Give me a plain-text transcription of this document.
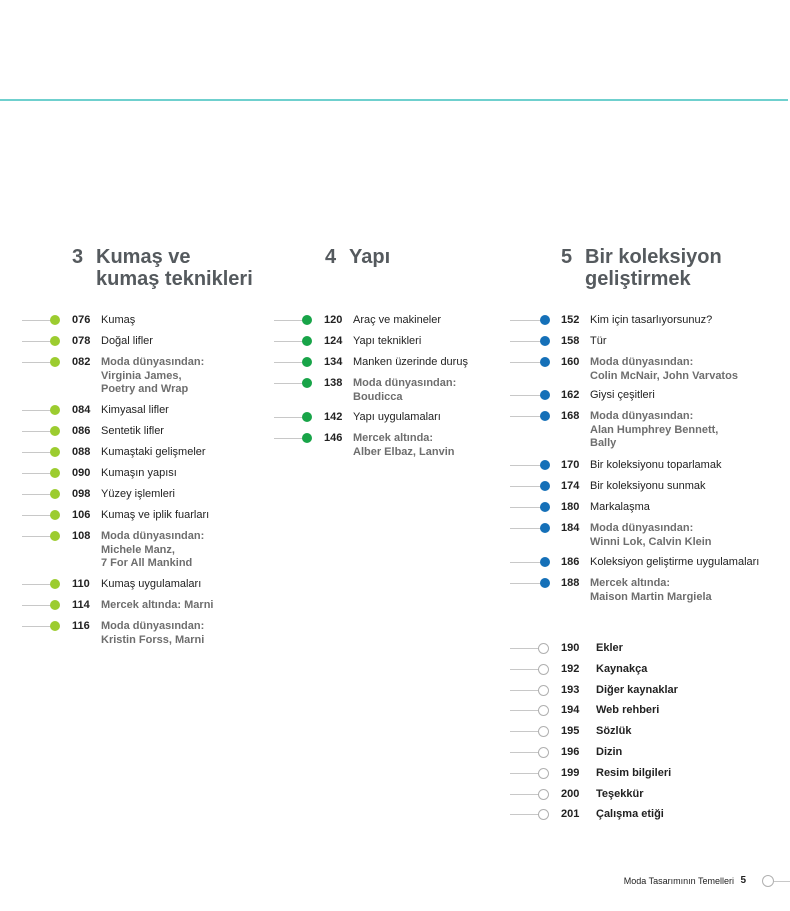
3 Kumaş ve
kumaş teknikleri
076 Kumaş
078 Doğal lifler
082 Moda dünyasından:
Virginia James,
Poetry and Wrap
084 Kimyasal lifler
086 Sentetik lifler
088 Kumaştaki gelişmeler
090 Kumaşın yapısı
098 Yüzey işlemleri
106 Kumaş ve iplik fuarları
108 Moda dünyasından:
Michele Manz,
7 For All Mankind
110 Kumaş uygulamaları
114 Mercek altında: Marni
116 Moda dünyasından:
Kristin Forss, Marni
4 Yapı
120 Araç ve makineler
124 Yapı teknikleri
134 Manken üzerinde duruş
138 Moda dünyasından:
Boudicca
142 Yapı uygulamaları
146 Mercek altında:
Alber Elbaz, Lanvin
5 Bir koleksiyon
geliştirmek
152 Kim için tasarlıyorsunuz?
158 Tür
160 Moda dünyasından:
Colin McNair, John Varvatos
162 Giysi çeşitleri
168 Moda dünyasından:
Alan Humphrey Bennett,
Bally
170 Bir koleksiyonu toparlamak
174 Bir koleksiyonu sunmak
180 Markalaşma
184 Moda dünyasından:
Winni Lok, Calvin Klein
186 Koleksiyon geliştirme uygulamaları
188 Mercek altında:
Maison Martin Margiela
190 Ekler
192 Kaynakça
193 Diğer kaynaklar
194 Web rehberi
195 Sözlük
196 Dizin
199 Resim bilgileri
200 Teşekkür
201 Çalışma etiği
Moda Tasarımının Temelleri 5
